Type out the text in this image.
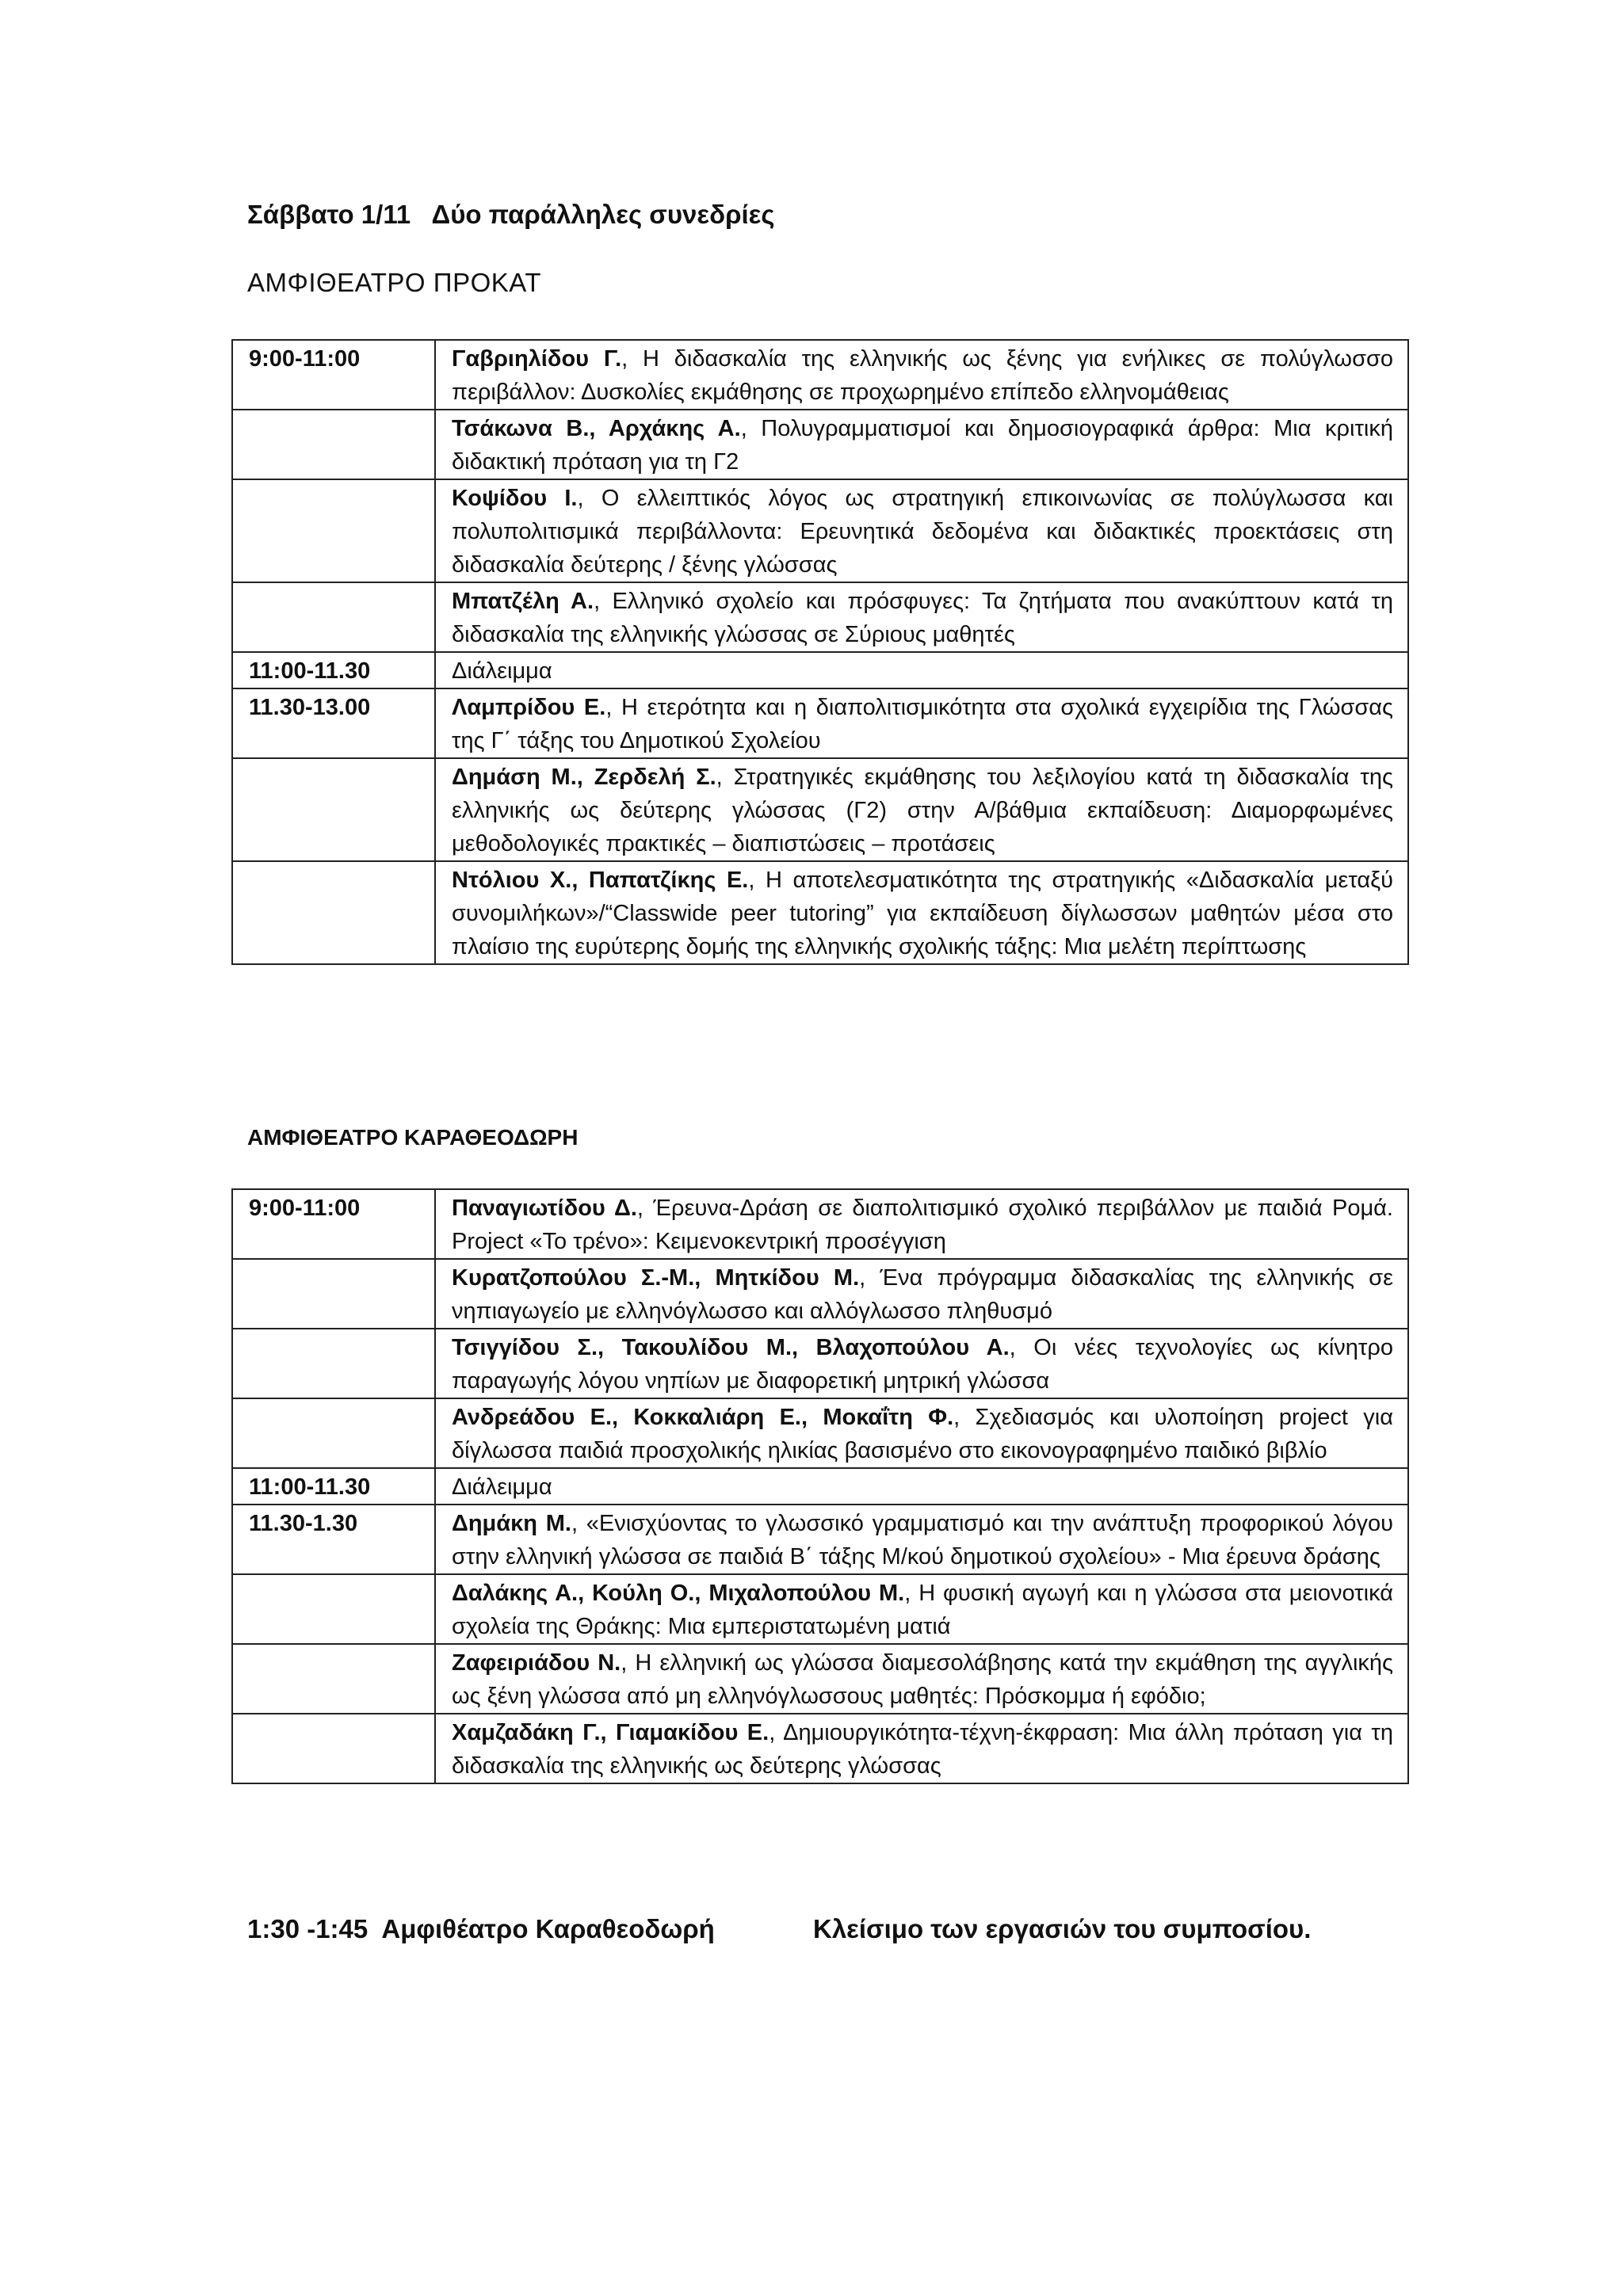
Σάββατο 1/11   Δύο παράλληλες συνεδρίες
ΑΜΦΙΘΕΑΤΡΟ ΠΡΟΚΑΤ
9:00-11:00	Γαβριηλίδου Γ., Η διδασκαλία της ελληνικής ως ξένης για ενήλικες σε πολύγλωσσο περιβάλλον: Δυσκολίες εκμάθησης σε προχωρημένο επίπεδο ελληνομάθειας
	Τσάκωνα Β., Αρχάκης Α., Πολυγραμματισμοί και δημοσιογραφικά άρθρα: Μια κριτική διδακτική πρόταση για τη Γ2
	Κοψίδου Ι., Ο ελλειπτικός λόγος ως στρατηγική επικοινωνίας σε πολύγλωσσα και πολυπολιτισμικά περιβάλλοντα: Ερευνητικά δεδομένα και διδακτικές προεκτάσεις στη διδασκαλία δεύτερης / ξένης γλώσσας
	Μπατζέλη Α., Ελληνικό σχολείο και πρόσφυγες: Τα ζητήματα που ανακύπτουν κατά τη διδασκαλία της ελληνικής γλώσσας σε Σύριους μαθητές
11:00-11.30	Διάλειμμα
11.30-13.00	Λαμπρίδου Ε., Η ετερότητα και η διαπολιτισμικότητα στα σχολικά εγχειρίδια της Γλώσσας της Γ΄ τάξης του Δημοτικού Σχολείου
	Δημάση Μ., Ζερδελή Σ., Στρατηγικές εκμάθησης του λεξιλογίου κατά τη διδασκαλία της ελληνικής ως δεύτερης γλώσσας (Γ2) στην Α/βάθμια εκπαίδευση: Διαμορφωμένες μεθοδολογικές πρακτικές – διαπιστώσεις – προτάσεις
	Ντόλιου Χ., Παπατζίκης Ε., Η αποτελεσματικότητα της στρατηγικής «Διδασκαλία μεταξύ συνομιλήκων»/“Classwide peer tutoring” για εκπαίδευση δίγλωσσων μαθητών μέσα στο πλαίσιο της ευρύτερης δομής της ελληνικής σχολικής τάξης: Μια μελέτη περίπτωσης
ΑΜΦΙΘΕΑΤΡΟ ΚΑΡΑΘΕΟΔΩΡΗ
9:00-11:00	Παναγιωτίδου Δ., Έρευνα-Δράση σε διαπολιτισμικό σχολικό περιβάλλον με παιδιά Ρομά. Project «Το τρένο»: Κειμενοκεντρική προσέγγιση
	Κυρατζοπούλου Σ.-Μ., Μητκίδου Μ., Ένα πρόγραμμα διδασκαλίας της ελληνικής σε νηπιαγωγείο με ελληνόγλωσσο και αλλόγλωσσο πληθυσμό
	Τσιγγίδου Σ., Τακουλίδου Μ., Βλαχοπούλου Α., Οι νέες τεχνολογίες ως κίνητρο παραγωγής λόγου νηπίων με διαφορετική μητρική γλώσσα
	Ανδρεάδου Ε., Κοκκαλιάρη Ε., Μοκαΐτη Φ., Σχεδιασμός και υλοποίηση project για δίγλωσσα παιδιά προσχολικής ηλικίας βασισμένο στο εικονογραφημένο παιδικό βιβλίο
11:00-11.30	Διάλειμμα
11.30-1.30	Δημάκη Μ., «Ενισχύοντας το γλωσσικό γραμματισμό και την ανάπτυξη προφορικού λόγου στην ελληνική γλώσσα σε παιδιά Β΄ τάξης Μ/κού δημοτικού σχολείου» - Μια έρευνα δράσης
	Δαλάκης Α., Κούλη Ο., Μιχαλοπούλου Μ., Η φυσική αγωγή και η γλώσσα στα μειονοτικά σχολεία της Θράκης: Μια εμπεριστατωμένη ματιά
	Ζαφειριάδου Ν., Η ελληνική ως γλώσσα διαμεσολάβησης κατά την εκμάθηση της αγγλικής ως ξένη γλώσσα από μη ελληνόγλωσσους μαθητές: Πρόσκομμα ή εφόδιο;
	Χαμζαδάκη Γ., Γιαμακίδου Ε., Δημιουργικότητα-τέχνη-έκφραση: Μια άλλη πρόταση για τη διδασκαλία της ελληνικής ως δεύτερης γλώσσας

1:30 -1:45  Αμφιθέατρο Καραθεοδωρή	Κλείσιμο των εργασιών του συμποσίου.
